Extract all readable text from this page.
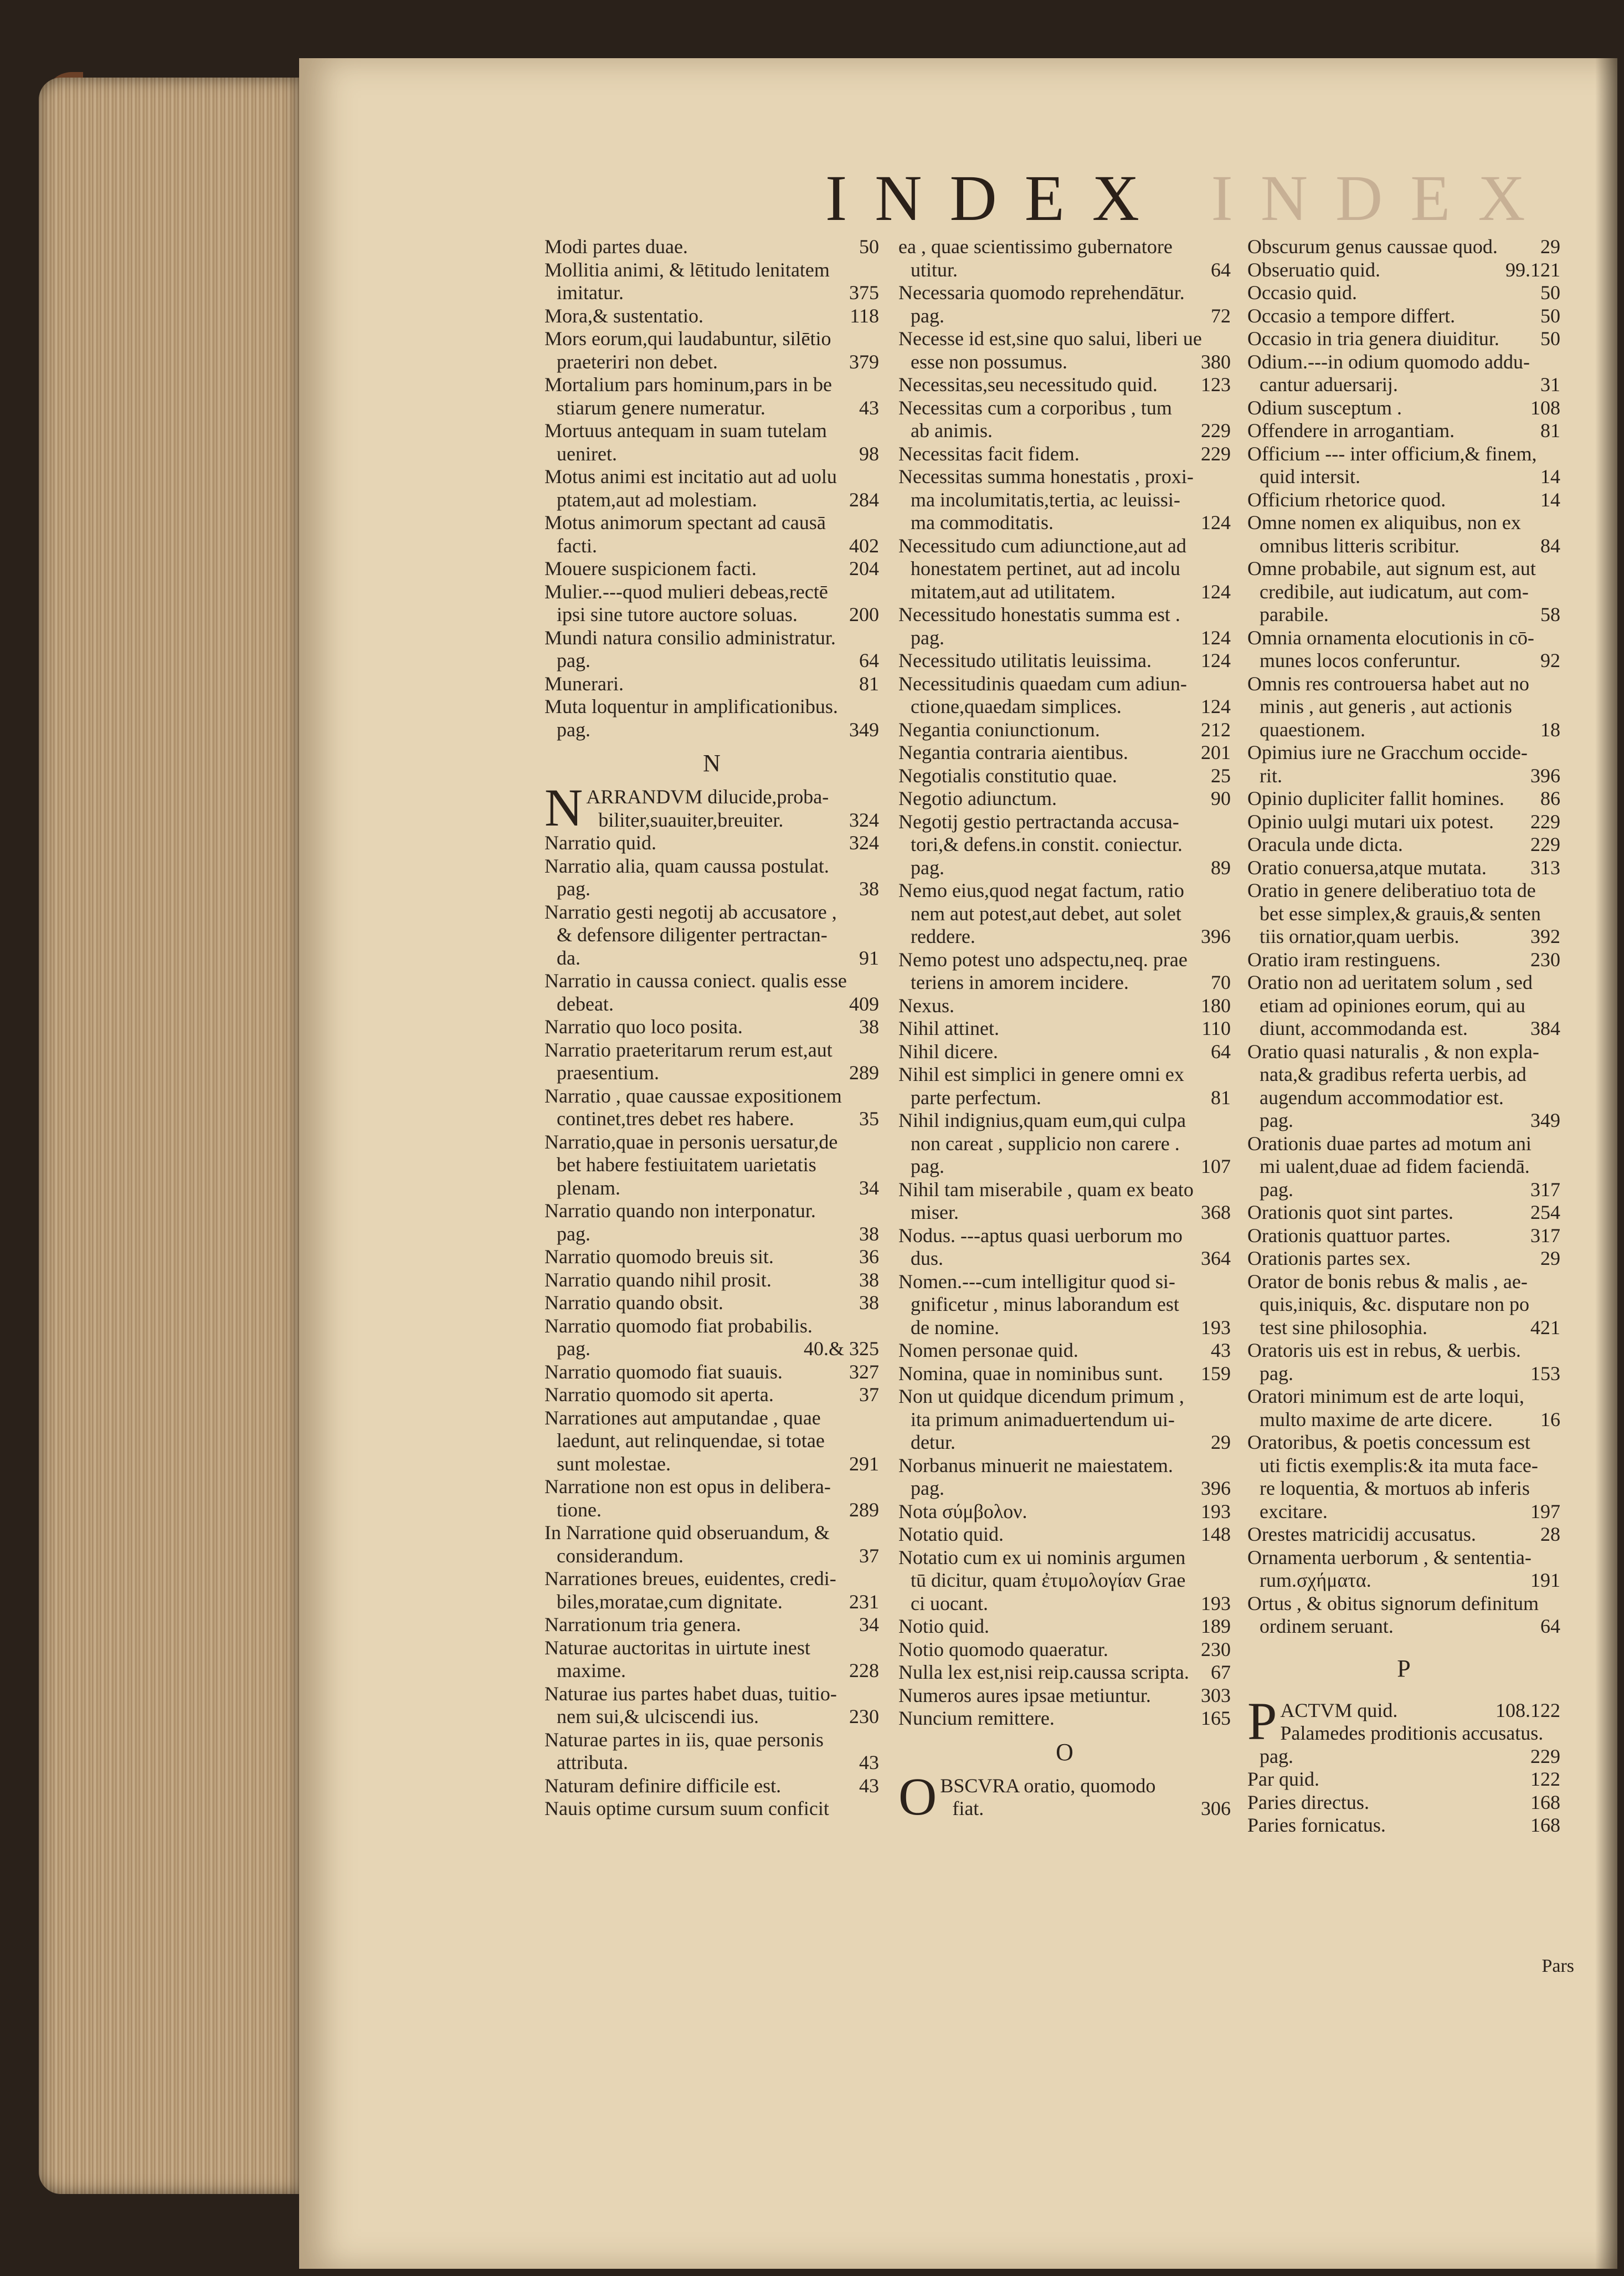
INDEX INDEX
Modi partes duae.	50
Mollitia animi, & lētitudo lenitatem
imitatur.	375
Mora,& sustentatio.	118
Mors eorum,qui laudabuntur, silētio
praeteriri non debet.	379
Mortalium pars hominum,pars in be
stiarum genere numeratur.	43
Mortuus antequam in suam tutelam
ueniret.	98
Motus animi est incitatio aut ad uolu
ptatem,aut ad molestiam.	284
Motus animorum spectant ad causā
facti.	402
Mouere suspicionem facti.	204
Mulier.---quod mulieri debeas,rectē
ipsi sine tutore auctore soluas.	200
Mundi natura consilio administratur.
pag.	64
Munerari.	81
Muta loquentur in amplificationibus.
pag.	349
N
N ARRANDVM dilucide,proba-
biliter,suauiter,breuiter.	324
Narratio quid.	324
Narratio alia, quam caussa postulat.
pag.	38
Narratio gesti negotij ab accusatore ,
& defensore diligenter pertractan-
da.	91
Narratio in caussa coniect. qualis esse
debeat.	409
Narratio quo loco posita.	38
Narratio praeteritarum rerum est,aut
praesentium.	289
Narratio , quae caussae expositionem
continet,tres debet res habere.	35
Narratio,quae in personis uersatur,de
bet habere festiuitatem uarietatis
plenam.	34
Narratio quando non interponatur.
pag.	38
Narratio quomodo breuis sit.	36
Narratio quando nihil prosit.	38
Narratio quando obsit.	38
Narratio quomodo fiat probabilis.
pag.	40.& 325
Narratio quomodo fiat suauis.	327
Narratio quomodo sit aperta.	37
Narrationes aut amputandae , quae
laedunt, aut relinquendae, si totae
sunt molestae.	291
Narratione non est opus in delibera-
tione.	289
In Narratione quid obseruandum, &
considerandum.	37
Narrationes breues, euidentes, credi-
biles,moratae,cum dignitate.	231
Narrationum tria genera.	34
Naturae auctoritas in uirtute inest
maxime.	228
Naturae ius partes habet duas, tuitio-
nem sui,& ulciscendi ius.	230
Naturae partes in iis, quae personis
attributa.	43
Naturam definire difficile est.	43
Nauis optime cursum suum conficit
ea , quae scientissimo gubernatore
utitur.	64
Necessaria quomodo reprehendātur.
pag.	72
Necesse id est,sine quo salui, liberi ue
esse non possumus.	380
Necessitas,seu necessitudo quid.	123
Necessitas cum a corporibus , tum
ab animis.	229
Necessitas facit fidem.	229
Necessitas summa honestatis , proxi-
ma incolumitatis,tertia, ac leuissi-
ma commoditatis.	124
Necessitudo cum adiunctione,aut ad
honestatem pertinet, aut ad incolu
mitatem,aut ad utilitatem.	124
Necessitudo honestatis summa est .
pag.	124
Necessitudo utilitatis leuissima.	124
Necessitudinis quaedam cum adiun-
ctione,quaedam simplices.	124
Negantia coniunctionum.	212
Negantia contraria aientibus.	201
Negotialis constitutio quae.	25
Negotio adiunctum.	90
Negotij gestio pertractanda accusa-
tori,& defens.in constit. coniectur.
pag.	89
Nemo eius,quod negat factum, ratio
nem aut potest,aut debet, aut solet
reddere.	396
Nemo potest uno adspectu,neq. prae
teriens in amorem incidere.	70
Nexus.	180
Nihil attinet.	110
Nihil dicere.	64
Nihil est simplici in genere omni ex
parte perfectum.	81
Nihil indignius,quam eum,qui culpa
non careat , supplicio non carere .
pag.	107
Nihil tam miserabile , quam ex beato
miser.	368
Nodus. ---aptus quasi uerborum mo
dus.	364
Nomen.---cum intelligitur quod si-
gnificetur , minus laborandum est
de nomine.	193
Nomen personae quid.	43
Nomina, quae in nominibus sunt.	159
Non ut quidque dicendum primum ,
ita primum animaduertendum ui-
detur.	29
Norbanus minuerit ne maiestatem.
pag.	396
Nota σύμβολον.	193
Notatio quid.	148
Notatio cum ex ui nominis argumen
tū dicitur, quam ἐτυμολογίαν Grae
ci uocant.	193
Notio quid.	189
Notio quomodo quaeratur.	230
Nulla lex est,nisi reip.caussa scripta.	67
Numeros aures ipsae metiuntur.	303
Nuncium remittere.	165
O
O BSCVRA oratio, quomodo
fiat.	306
Obscurum genus caussae quod.	29
Obseruatio quid.	99.121
Occasio quid.	50
Occasio a tempore differt.	50
Occasio in tria genera diuiditur.	50
Odium.---in odium quomodo addu-
cantur aduersarij.	31
Odium susceptum .	108
Offendere in arrogantiam.	81
Officium --- inter officium,& finem,
quid intersit.	14
Officium rhetorice quod.	14
Omne nomen ex aliquibus, non ex
omnibus litteris scribitur.	84
Omne probabile, aut signum est, aut
credibile, aut iudicatum, aut com-
parabile.	58
Omnia ornamenta elocutionis in cō-
munes locos conferuntur.	92
Omnis res controuersa habet aut no
minis , aut generis , aut actionis
quaestionem.	18
Opimius iure ne Gracchum occide-
rit.	396
Opinio dupliciter fallit homines.	86
Opinio uulgi mutari uix potest.	229
Oracula unde dicta.	229
Oratio conuersa,atque mutata.	313
Oratio in genere deliberatiuo tota de
bet esse simplex,& grauis,& senten
tiis ornatior,quam uerbis.	392
Oratio iram restinguens.	230
Oratio non ad ueritatem solum , sed
etiam ad opiniones eorum, qui au
diunt, accommodanda est.	384
Oratio quasi naturalis , & non expla-
nata,& gradibus referta uerbis, ad
augendum accommodatior est.
pag.	349
Orationis duae partes ad motum ani
mi ualent,duae ad fidem faciendā.
pag.	317
Orationis quot sint partes.	254
Orationis quattuor partes.	317
Orationis partes sex.	29
Orator de bonis rebus & malis , ae-
quis,iniquis, &c. disputare non po
test sine philosophia.	421
Oratoris uis est in rebus, & uerbis.
pag.	153
Oratori minimum est de arte loqui,
multo maxime de arte dicere.	16
Oratoribus, & poetis concessum est
uti fictis exemplis:& ita muta face-
re loquentia, & mortuos ab inferis
excitare.	197
Orestes matricidij accusatus.	28
Ornamenta uerborum , & sententia-
rum.σχήματα.	191
Ortus , & obitus signorum definitum
ordinem seruant.	64
P
P ACTVM quid.	108.122
Palamedes proditionis accusatus.
pag.	229
Par quid.	122
Paries directus.	168
Paries fornicatus.	168
Pars
